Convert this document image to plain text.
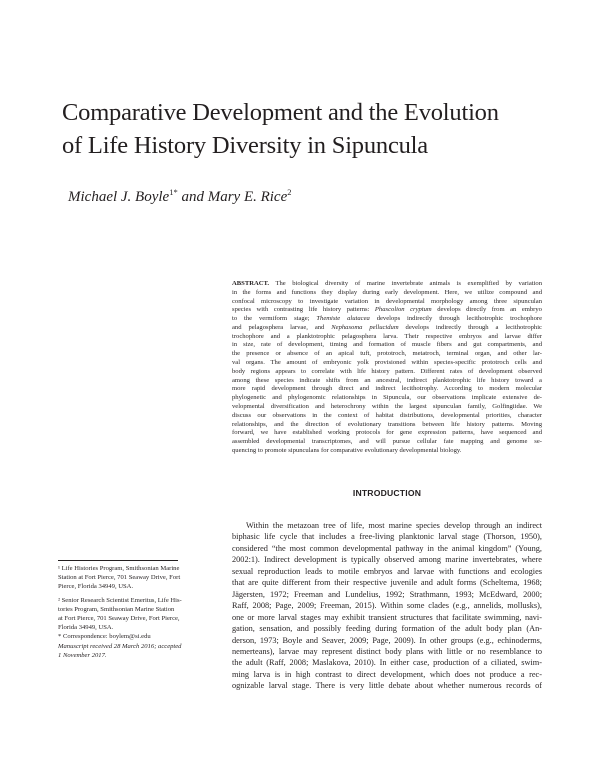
Comparative Development and the Evolution
of Life History Diversity in Sipuncula
Michael J. Boyle$^{1*}$ and Mary E. Rice$^2$
ABSTRACT. The biological diversity of marine invertebrate animals is exemplified by variation
in the forms and functions they display during early development. Here, we utilize compound and
confocal microscopy to investigate variation in developmental morphology among three sipunculan
species with contrasting life history patterns: Phascolion cryptum develops directly from an embryo
to the vermiform stage; Themiste alutacea develops indirectly through lecithotrophic trochophore
and pelagosphera larvae, and Nephasoma pellucidum develops indirectly through a lecithotrophic
trochophore and a planktotrophic pelagosphera larva. Their respective embryos and larvae differ
in size, rate of development, timing and formation of muscle fibers and gut compartments, and
the presence or absence of an apical tuft, prototroch, metatroch, terminal organ, and other lar-
val organs. The amount of embryonic yolk provisioned within species-specific prototroch cells and
body regions appears to correlate with life history pattern. Different rates of development observed
among these species indicate shifts from an ancestral, indirect planktotrophic life history toward a
more rapid development through direct and indirect lecithotrophy. According to modern molecular
phylogenetic and phylogenomic relationships in Sipuncula, our observations implicate extensive de-
velopmental diversification and heterochrony within the largest sipunculan family, Golfingiidae. We
discuss our observations in the context of habitat distributions, developmental priorities, character
relationships, and the direction of evolutionary transitions between life history patterns. Moving
forward, we have established working protocols for gene expression patterns, have sequenced and
assembled developmental transcriptomes, and will pursue cellular fate mapping and genome se-
quencing to promote sipunculans for comparative evolutionary developmental biology.
INTRODUCTION
Within the metazoan tree of life, most marine species develop through an indirect
biphasic life cycle that includes a free-living planktonic larval stage (Thorson, 1950),
considered “the most common developmental pathway in the animal kingdom” (Young,
2002:1). Indirect development is typically observed among marine invertebrates, where
sexual reproduction leads to motile embryos and larvae with functions and ecologies
that are quite different from their respective juvenile and adult forms (Scheltema, 1968;
Jägersten, 1972; Freeman and Lundelius, 1992; Strathmann, 1993; McEdward, 2000;
Raff, 2008; Page, 2009; Freeman, 2015). Within some clades (e.g., annelids, mollusks),
one or more larval stages may exhibit transient structures that facilitate swimming, navi-
gation, sensation, and possibly feeding during formation of the adult body plan (An-
derson, 1973; Boyle and Seaver, 2009; Page, 2009). In other groups (e.g., echinoderms,
nemerteans), larvae may represent distinct body plans with little or no resemblance to
the adult (Raff, 2008; Maslakova, 2010). In either case, production of a ciliated, swim-
ming larva is in high contrast to direct development, which does not produce a rec-
ognizable larval stage. There is very little debate about whether numerous records of
¹ Life Histories Program, Smithsonian Marine
Station at Fort Pierce, 701 Seaway Drive, Fort
Pierce, Florida 34949, USA.
² Senior Research Scientist Emeritus, Life His-
tories Program, Smithsonian Marine Station
at Fort Pierce, 701 Seaway Drive, Fort Pierce,
Florida 34949, USA.
* Correspondence: boylem@si.edu
Manuscript received 28 March 2016; accepted
1 November 2017.
